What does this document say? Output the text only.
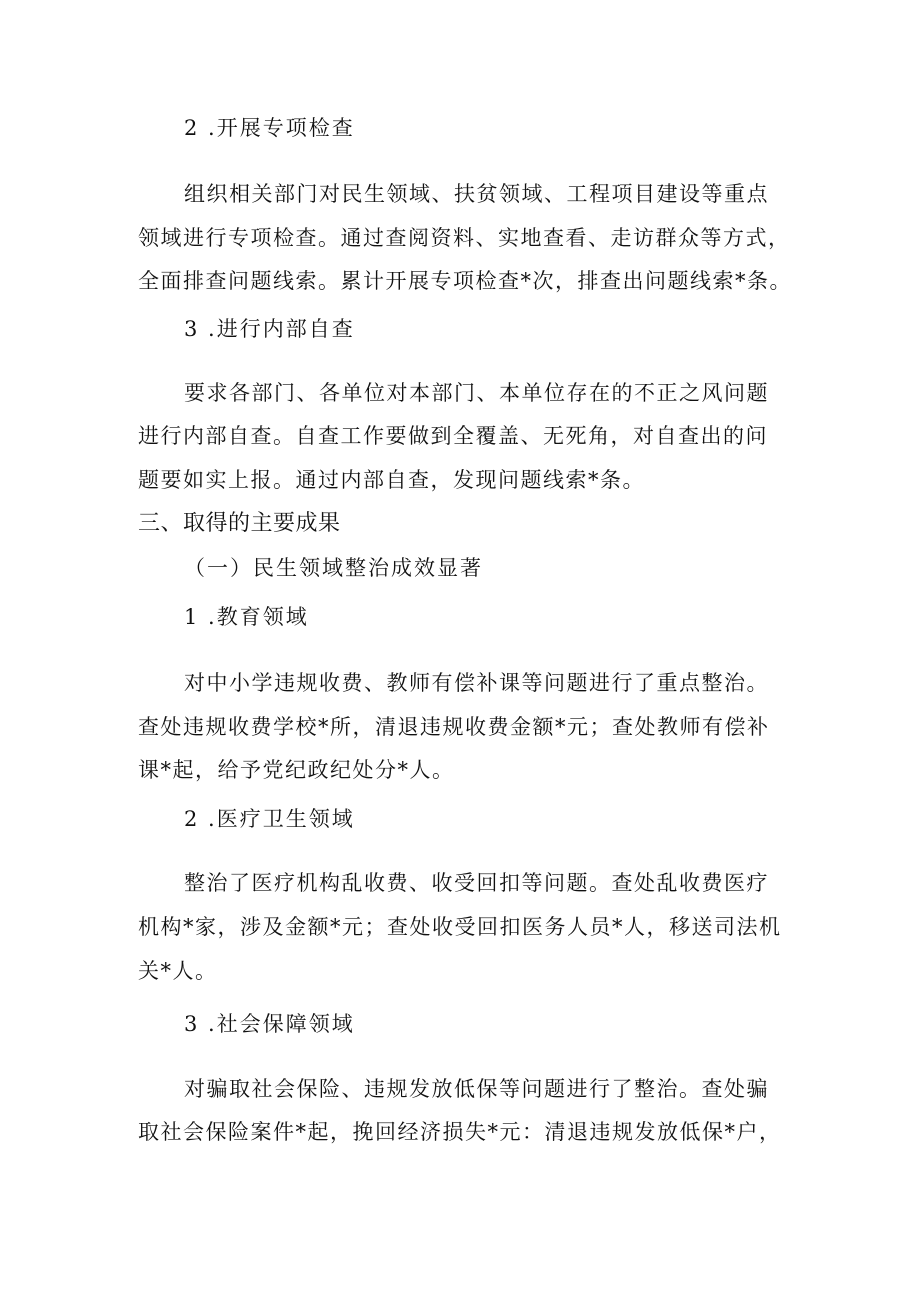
2 .开展专项检查
组织相关部门对民生领域、扶贫领域、工程项目建设等重点
领域进行专项检查。通过查阅资料、实地查看、走访群众等方式，
全面排查问题线索。累计开展专项检查*次，排查出问题线索*条。
3 .进行内部自查
要求各部门、各单位对本部门、本单位存在的不正之风问题
进行内部自查。自查工作要做到全覆盖、无死角，对自查出的问
题要如实上报。通过内部自查，发现问题线索*条。
三、取得的主要成果
（一）民生领域整治成效显著
1 .教育领域
对中小学违规收费、教师有偿补课等问题进行了重点整治。
查处违规收费学校*所，清退违规收费金额*元；查处教师有偿补
课*起，给予党纪政纪处分*人。
2 .医疗卫生领域
整治了医疗机构乱收费、收受回扣等问题。查处乱收费医疗
机构*家，涉及金额*元；查处收受回扣医务人员*人，移送司法机
关*人。
3 .社会保障领域
对骗取社会保险、违规发放低保等问题进行了整治。查处骗
取社会保险案件*起，挽回经济损失*元：清退违规发放低保*户，
